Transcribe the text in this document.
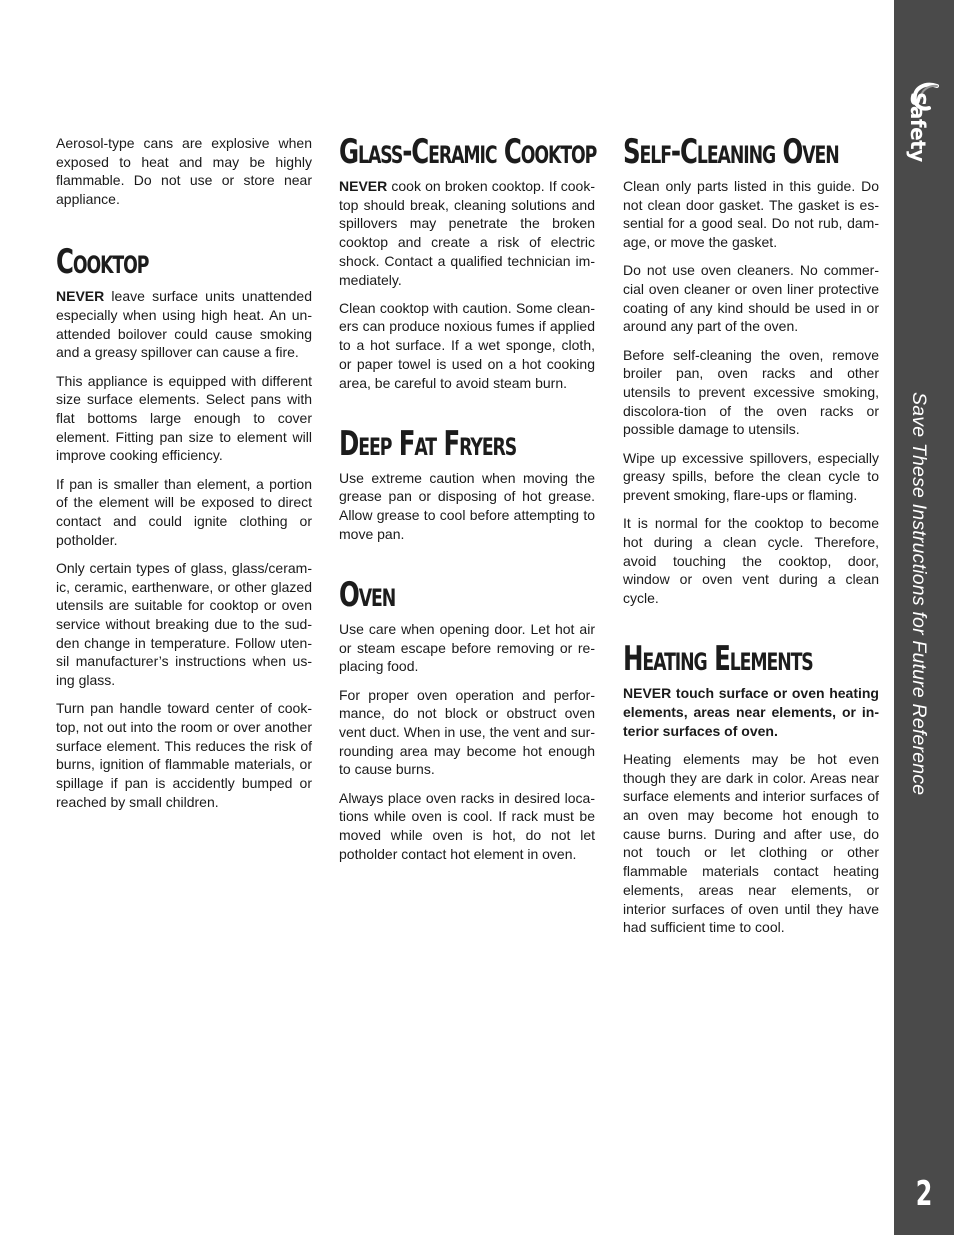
Aerosol-type cans are explosive when exposed to heat and may be highly flammable. Do not use or store near appliance.

Cooktop

NEVER leave surface units unattended especially when using high heat. An un-attended boilover could cause smoking and a greasy spillover can cause a fire.

This appliance is equipped with different size surface elements. Select pans with flat bottoms large enough to cover element. Fitting pan size to element will improve cooking efficiency.

If pan is smaller than element, a portion of the element will be exposed to direct contact and could ignite clothing or potholder.

Only certain types of glass, glass/ceram-ic, ceramic, earthenware, or other glazed utensils are suitable for cooktop or oven service without breaking due to the sud-den change in temperature. Follow uten-sil manufacturer’s instructions when us-ing glass.

Turn pan handle toward center of cook-top, not out into the room or over another surface element. This reduces the risk of burns, ignition of flammable materials, or spillage if pan is accidently bumped or reached by small children.

Glass-Ceramic Cooktop

NEVER cook on broken cooktop. If cook-top should break, cleaning solutions and spillovers may penetrate the broken cooktop and create a risk of electric shock. Contact a qualified technician im-mediately.

Clean cooktop with caution. Some clean-ers can produce noxious fumes if applied to a hot surface. If a wet sponge, cloth, or paper towel is used on a hot cooking area, be careful to avoid steam burn.

Deep Fat Fryers

Use extreme caution when moving the grease pan or disposing of hot grease. Allow grease to cool before attempting to move pan.

Oven

Use care when opening door. Let hot air or steam escape before removing or re-placing food.

For proper oven operation and perfor-mance, do not block or obstruct oven vent duct. When in use, the vent and sur-rounding area may become hot enough to cause burns.

Always place oven racks in desired loca-tions while oven is cool. If rack must be moved while oven is hot, do not let potholder contact hot element in oven.

Self-Cleaning Oven

Clean only parts listed in this guide. Do not clean door gasket. The gasket is es-sential for a good seal. Do not rub, dam-age, or move the gasket.

Do not use oven cleaners. No commer-cial oven cleaner or oven liner protective coating of any kind should be used in or around any part of the oven.

Before self-cleaning the oven, remove broiler pan, oven racks and other utensils to prevent excessive smoking, discolora-tion of the oven racks or possible damage to utensils.

Wipe up excessive spillovers, especially greasy spills, before the clean cycle to prevent smoking, flare-ups or flaming.

It is normal for the cooktop to become hot during a clean cycle. Therefore, avoid touching the cooktop, door, window or oven vent during a clean cycle.

Heating Elements

NEVER touch surface or oven heating elements, areas near elements, or in-terior surfaces of oven.

Heating elements may be hot even though they are dark in color. Areas near surface elements and interior surfaces of an oven may become hot enough to cause burns. During and after use, do not touch or let clothing or other flammable materials contact heating elements, areas near elements, or interior surfaces of oven until they have had sufficient time to cool.

Safety
Save These Instructions for Future Reference
2
